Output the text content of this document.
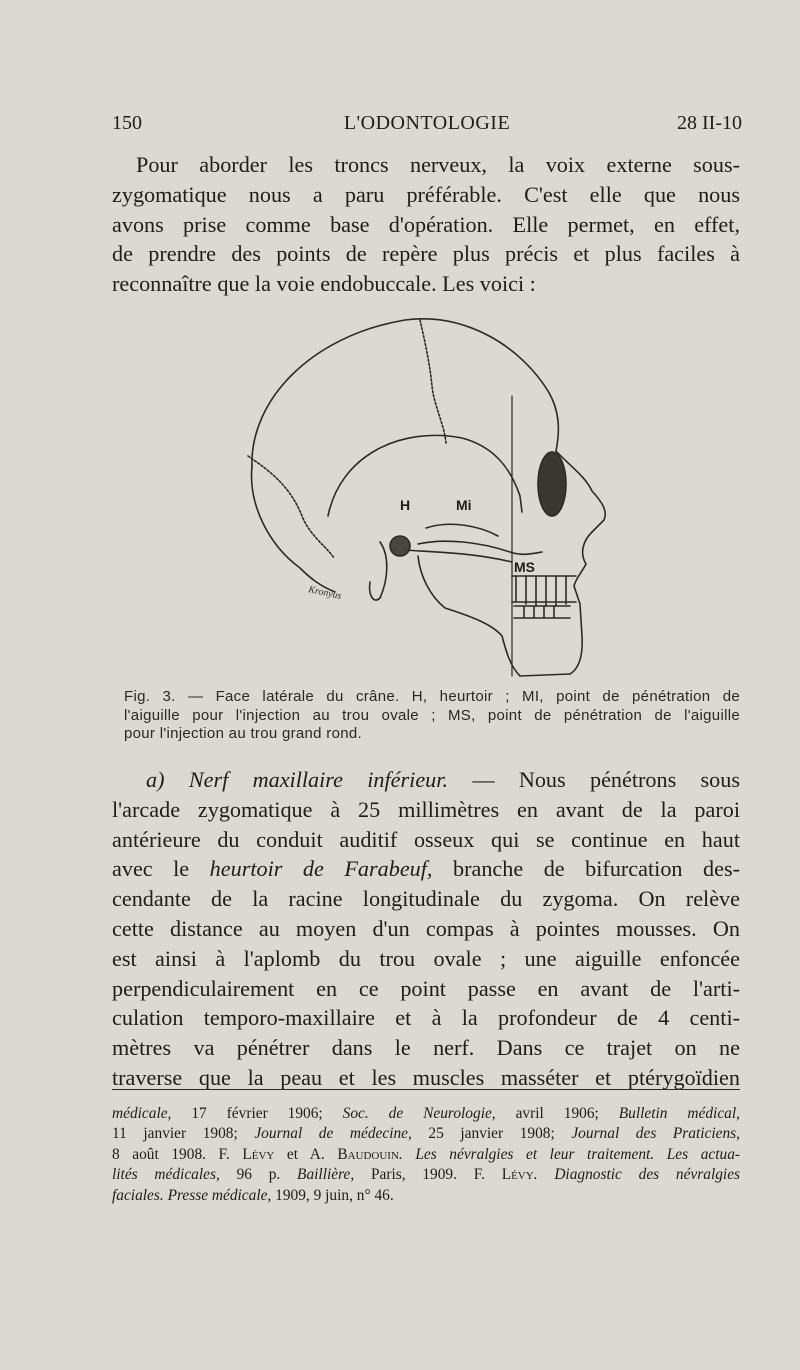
150	L'ODONTOLOGIE	28 II-10
Pour aborder les troncs nerveux, la voix externe sous-
zygomatique nous a paru préférable. C'est elle que nous
avons prise comme base d'opération. Elle permet, en effet,
de prendre des points de repère plus précis et plus faciles à
reconnaître que la voie endobuccale. Les voici :
H	Mi
MS
Kronyus
Fig. 3. — Face latérale du crâne. H, heurtoir ; MI, point de pénétration de
l'aiguille pour l'injection au trou ovale ; MS, point de pénétration de l'aiguille
pour l'injection au trou grand rond.
a) Nerf maxillaire inférieur. — Nous pénétrons sous
l'arcade zygomatique à 25 millimètres en avant de la paroi
antérieure du conduit auditif osseux qui se continue en haut
avec le heurtoir de Farabeuf, branche de bifurcation des-
cendante de la racine longitudinale du zygoma. On relève
cette distance au moyen d'un compas à pointes mousses. On
est ainsi à l'aplomb du trou ovale ; une aiguille enfoncée
perpendiculairement en ce point passe en avant de l'arti-
culation temporo-maxillaire et à la profondeur de 4 centi-
mètres va pénétrer dans le nerf. Dans ce trajet on ne
traverse que la peau et les muscles masséter et ptérygoïdien
médicale, 17 février 1906; Soc. de Neurologie, avril 1906; Bulletin médical,
11 janvier 1908; Journal de médecine, 25 janvier 1908; Journal des Praticiens,
8 août 1908. F. Lévy et A. Baudouin. Les névralgies et leur traitement. Les actua-
lités médicales, 96 p. Baillière, Paris, 1909. F. Lévy. Diagnostic des névralgies
faciales. Presse médicale, 1909, 9 juin, n° 46.
